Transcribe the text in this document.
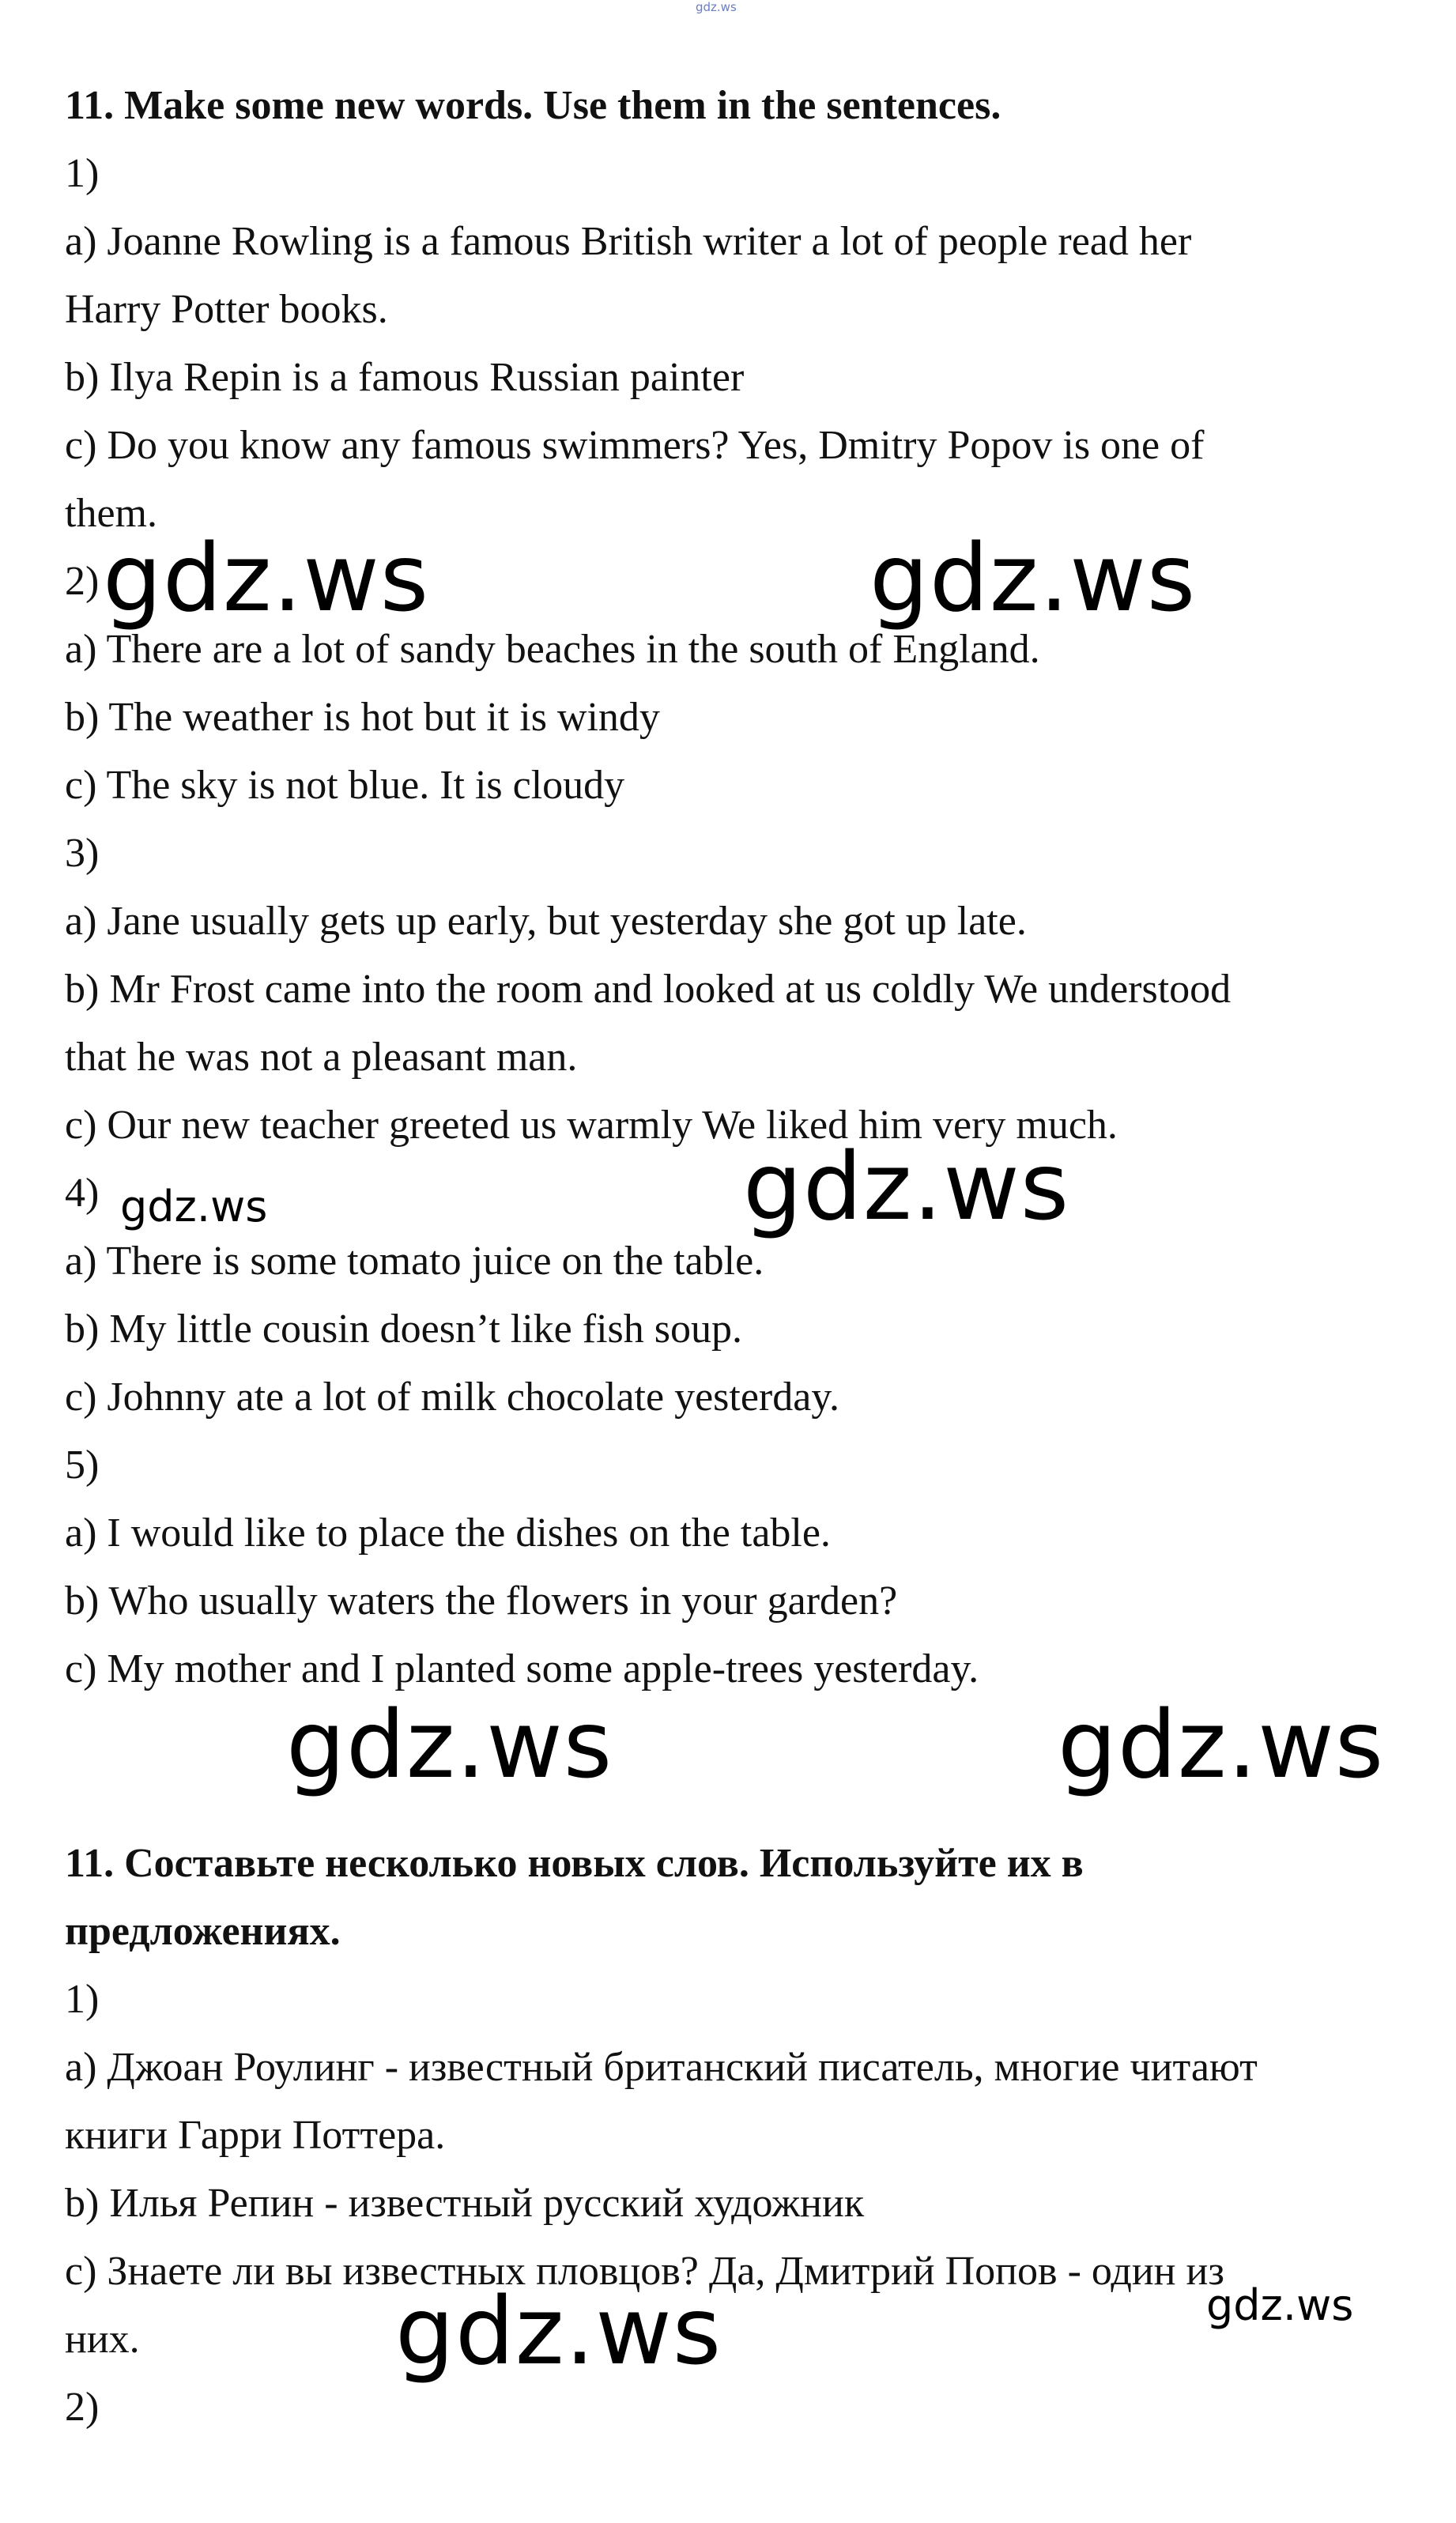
gdz.ws
11. Make some new words. Use them in the sentences.
1)
a) Joanne Rowling is a famous British writer a lot of people read her
Harry Potter books.
b) Ilya Repin is a famous Russian painter
c) Do you know any famous swimmers? Yes, Dmitry Popov is one of
them.
2)
a) There are a lot of sandy beaches in the south of England.
b) The weather is hot but it is windy
c) The sky is not blue. It is cloudy
3)
a) Jane usually gets up early, but yesterday she got up late.
b) Mr Frost came into the room and looked at us coldly We understood
that he was not a pleasant man.
c) Our new teacher greeted us warmly We liked him very much.
4)
a) There is some tomato juice on the table.
b) My little cousin doesn’t like fish soup.
c) Johnny ate a lot of milk chocolate yesterday.
5)
a) I would like to place the dishes on the table.
b) Who usually waters the flowers in your garden?
c) My mother and I planted some apple-trees yesterday.
11. Составьте несколько новых слов. Используйте их в
предложениях.
1)
a) Джоан Роулинг - известный британский писатель, многие читают
книги Гарри Поттера.
b) Илья Репин - известный русский художник
c) Знаете ли вы известных пловцов? Да, Дмитрий Попов - один из
них.
2)
gdz.ws	gdz.ws
gdz.ws
gdz.ws
gdz.ws	gdz.ws
gdz.ws	gdz.ws
